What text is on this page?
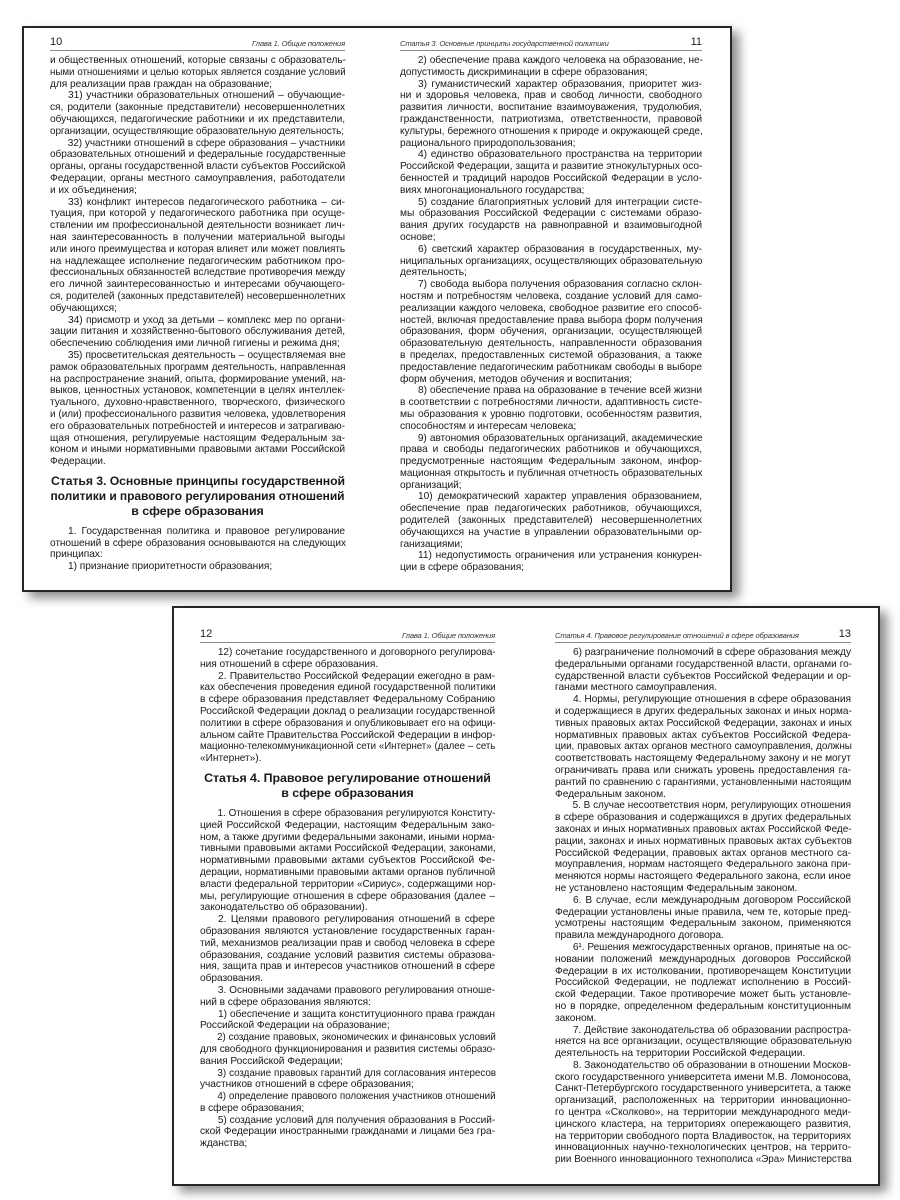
10	Глава 1. Общие положения
и общественных отношений, которые связаны с образователь-
ными отношениями и целью которых является создание условий
для реализации прав граждан на образование;
31) участники образовательных отношений – обучающие-
ся, родители (законные представители) несовершеннолетних
обучающихся, педагогические работники и их представители,
организации, осуществляющие образовательную деятельность;
32) участники отношений в сфере образования – участники
образовательных отношений и федеральные государственные
органы, органы государственной власти субъектов Российской
Федерации, органы местного самоуправления, работодатели
и их объединения;
33) конфликт интересов педагогического работника – си-
туация, при которой у педагогического работника при осуще-
ствлении им профессиональной деятельности возникает лич-
ная заинтересованность в получении материальной выгоды
или иного преимущества и которая влияет или может повлиять
на надлежащее исполнение педагогическим работником про-
фессиональных обязанностей вследствие противоречия между
его личной заинтересованностью и интересами обучающего-
ся, родителей (законных представителей) несовершеннолетних
обучающихся;
34) присмотр и уход за детьми – комплекс мер по органи-
зации питания и хозяйственно-бытового обслуживания детей,
обеспечению соблюдения ими личной гигиены и режима дня;
35) просветительская деятельность – осуществляемая вне
рамок образовательных программ деятельность, направленная
на распространение знаний, опыта, формирование умений, на-
выков, ценностных установок, компетенции в целях интеллек-
туального, духовно-нравственного, творческого, физического
и (или) профессионального развития человека, удовлетворения
его образовательных потребностей и интересов и затрагиваю-
щая отношения, регулируемые настоящим Федеральным за-
коном и иными нормативными правовыми актами Российской
Федерации.
Статья 3. Основные принципы государственной
политики и правового регулирования отношений
в сфере образования
1. Государственная политика и правовое регулирование
отношений в сфере образования основываются на следующих
принципах:
1) признание приоритетности образования;
11
Статья 3. Основные принципы государственной политики
2) обеспечение права каждого человека на образование, не-
допустимость дискриминации в сфере образования;
3) гуманистический характер образования, приоритет жиз-
ни и здоровья человека, прав и свобод личности, свободного
развития личности, воспитание взаимоуважения, трудолюбия,
гражданственности, патриотизма, ответственности, правовой
культуры, бережного отношения к природе и окружающей среде,
рационального природопользования;
4) единство образовательного пространства на территории
Российской Федерации, защита и развитие этнокультурных осо-
бенностей и традиций народов Российской Федерации в усло-
виях многонационального государства;
5) создание благоприятных условий для интеграции систе-
мы образования Российской Федерации с системами образо-
вания других государств на равноправной и взаимовыгодной
основе;
6) светский характер образования в государственных, му-
ниципальных организациях, осуществляющих образовательную
деятельность;
7) свобода выбора получения образования согласно склон-
ностям и потребностям человека, создание условий для само-
реализации каждого человека, свободное развитие его способ-
ностей, включая предоставление права выбора форм получения
образования, форм обучения, организации, осуществляющей
образовательную деятельность, направленности образования
в пределах, предоставленных системой образования, а также
предоставление педагогическим работникам свободы в выборе
форм обучения, методов обучения и воспитания;
8) обеспечение права на образование в течение всей жизни
в соответствии с потребностями личности, адаптивность систе-
мы образования к уровню подготовки, особенностям развития,
способностям и интересам человека;
9) автономия образовательных организаций, академические
права и свободы педагогических работников и обучающихся,
предусмотренные настоящим Федеральным законом, инфор-
мационная открытость и публичная отчетность образовательных
организаций;
10) демократический характер управления образованием,
обеспечение прав педагогических работников, обучающихся,
родителей (законных представителей) несовершеннолетних
обучающихся на участие в управлении образовательными ор-
ганизациями;
11) недопустимость ограничения или устранения конкурен-
ции в сфере образования;
12	Глава 1. Общие положения
12) сочетание государственного и договорного регулирова-
ния отношений в сфере образования.
2. Правительство Российской Федерации ежегодно в рам-
ках обеспечения проведения единой государственной политики
в сфере образования представляет Федеральному Собранию
Российской Федерации доклад о реализации государственной
политики в сфере образования и опубликовывает его на офици-
альном сайте Правительства Российской Федерации в инфор-
мационно-телекоммуникационной сети «Интернет» (далее – сеть
«Интернет»).
Статья 4. Правовое регулирование отношений
в сфере образования
1. Отношения в сфере образования регулируются Конститу-
цией Российской Федерации, настоящим Федеральным зако-
ном, а также другими федеральными законами, иными норма-
тивными правовыми актами Российской Федерации, законами,
нормативными правовыми актами субъектов Российской Фе-
дерации, нормативными правовыми актами органов публичной
власти федеральной территории «Сириус», содержащими нор-
мы, регулирующие отношения в сфере образования (далее –
законодательство об образовании).
2. Целями правового регулирования отношений в сфере
образования являются установление государственных гаран-
тий, механизмов реализации прав и свобод человека в сфере
образования, создание условий развития системы образова-
ния, защита прав и интересов участников отношений в сфере
образования.
3. Основными задачами правового регулирования отноше-
ний в сфере образования являются:
1) обеспечение и защита конституционного права граждан
Российской Федерации на образование;
2) создание правовых, экономических и финансовых условий
для свободного функционирования и развития системы образо-
вания Российской Федерации;
3) создание правовых гарантий для согласования интересов
участников отношений в сфере образования;
4) определение правового положения участников отношений
в сфере образования;
5) создание условий для получения образования в Россий-
ской Федерации иностранными гражданами и лицами без гра-
жданства;
13
Статья 4. Правовое регулирование отношений в сфере образования
6) разграничение полномочий в сфере образования между
федеральными органами государственной власти, органами го-
сударственной власти субъектов Российской Федерации и ор-
ганами местного самоуправления.
4. Нормы, регулирующие отношения в сфере образования
и содержащиеся в других федеральных законах и иных норма-
тивных правовых актах Российской Федерации, законах и иных
нормативных правовых актах субъектов Российской Федера-
ции, правовых актах органов местного самоуправления, должны
соответствовать настоящему Федеральному закону и не могут
ограничивать права или снижать уровень предоставления га-
рантий по сравнению с гарантиями, установленными настоящим
Федеральным законом.
5. В случае несоответствия норм, регулирующих отношения
в сфере образования и содержащихся в других федеральных
законах и иных нормативных правовых актах Российской Феде-
рации, законах и иных нормативных правовых актах субъектов
Российской Федерации, правовых актах органов местного са-
моуправления, нормам настоящего Федерального закона при-
меняются нормы настоящего Федерального закона, если иное
не установлено настоящим Федеральным законом.
6. В случае, если международным договором Российской
Федерации установлены иные правила, чем те, которые пред-
усмотрены настоящим Федеральным законом, применяются
правила международного договора.
6¹. Решения межгосударственных органов, принятые на ос-
новании положений международных договоров Российской
Федерации в их истолковании, противоречащем Конституции
Российской Федерации, не подлежат исполнению в Россий-
ской Федерации. Такое противоречие может быть установле-
но в порядке, определенном федеральным конституционным
законом.
7. Действие законодательства об образовании распростра-
няется на все организации, осуществляющие образовательную
деятельность на территории Российской Федерации.
8. Законодательство об образовании в отношении Москов-
ского государственного университета имени М.В. Ломоносова,
Санкт-Петербургского государственного университета, а также
организаций, расположенных на территории инновационно-
го центра «Сколково», на территории международного меди-
цинского кластера, на территориях опережающего развития,
на территории свободного порта Владивосток, на территориях
инновационных научно-технологических центров, на террито-
рии Военного инновационного технополиса «Эра» Министерства
